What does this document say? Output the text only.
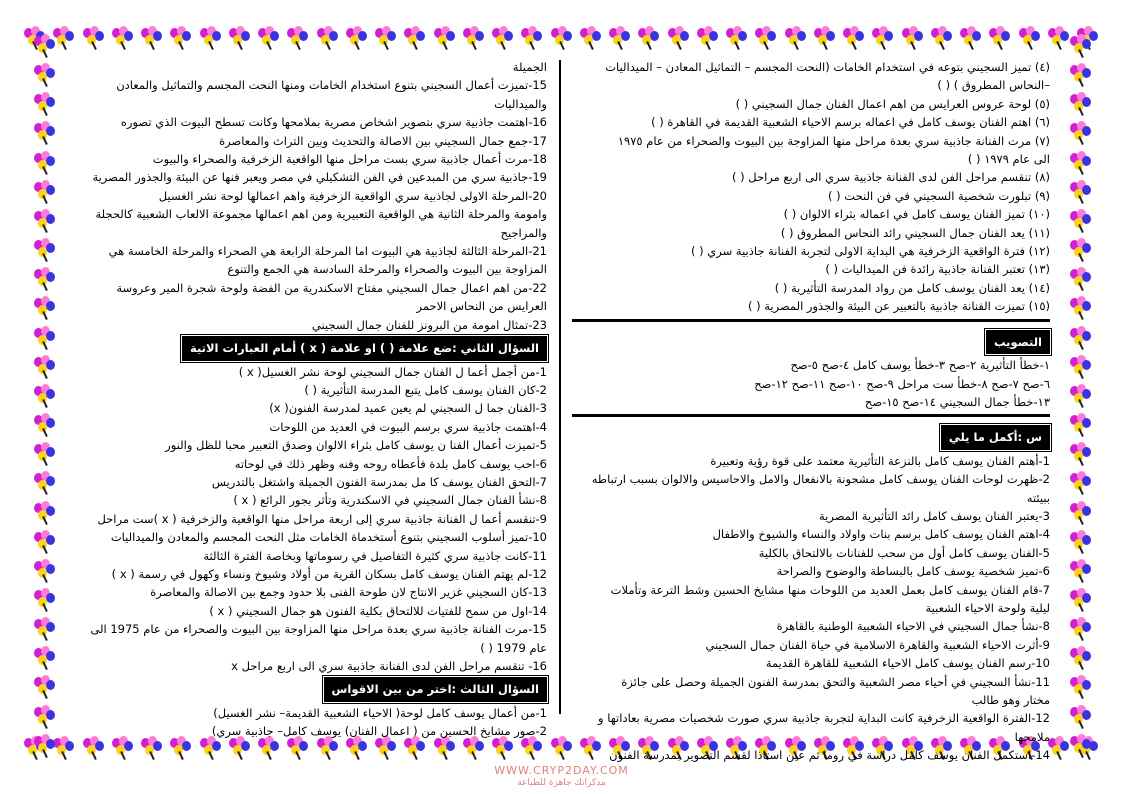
(٤) تميز السجيني بتوعه في استخدام الخامات (النحت المجسم – التماثيل المعادن – الميداليات

–النحاس المطروق ) ( )

(٥) لوحة عروس العرايس من اهم اعمال الفنان جمال السجيني ( )

(٦) اهتم الفنان يوسف كامل في اعماله برسم الاحياء الشعبية القديمة في القاهرة ( )

(٧) مرت الفنانة جاذبية سري بعدة مراحل منها المزاوجة بين البيوت والصحراء من عام ١٩٧٥

الى عام ١٩٧٩ ( )

(٨) تنقسم مراحل الفن لدى الفنانة جاذبية سري الى اربع مراحل ( )

(٩) تبلورت شخصية السجيني في فن النحت ( )

(١٠) تميز الفنان يوسف كامل في اعماله بثراء الالوان ( )

(١١) يعد الفنان جمال السجيني رائد النحاس المطروق ( )

(١٢) فترة الواقعية الزخرفية هي البداية الاولى لتجربة الفنانة جاذبية سري ( )

(١٣) تعتبر الفنانة جاذبية رائدة فن الميداليات ( )

(١٤) يعد الفنان يوسف كامل من رواد المدرسة التأثيرية ( )

(١٥) تميزت الفنانة جاذبية بالتعبير عن البيئة والجذور المصرية ( )

التصويب

١-خطأ التأثيرية ٢-صح ٣-خطأ يوسف كامل ٤-صح ٥-صح

٦-صح ٧-صح ٨-خطأ ست مراحل ٩-صح ١٠-صح ١١-صح ١٢-صح

١٣-خطأ جمال السجيني ١٤-صح ١٥-صح

س :أكمل ما يلي

1-أهتم الفنان يوسف كامل بالنزعة التأثيرية معتمد على قوة رؤية وتعبيرة

2-ظهرت لوحات الفنان يوسف كامل مشحونة بالانفعال والامل والاحاسيس والالوان بسبب ارتباطه

ببيئته

3-يعتبر الفنان يوسف كامل رائد التأثيرية المصرية

4-اهتم الفنان يوسف كامل برسم بنات واولاد والنساء والشيوخ والاطفال

5-الفنان يوسف كامل أول من سحب للفنانات بالالتحاق بالكلية

6-تميز شخصية يوسف كامل بالبساطة والوضوح والصراحة

7-قام الفنان يوسف كامل بعمل العديد من اللوحات منها مشايخ الحسين وشط الترعة وتأملات

ليلية ولوحة الاحياء الشعبية

8-نشأ جمال السجيني في الاحياء الشعبية الوطنية بالقاهرة

9-أثرت الاحياء الشعبية والقاهرة الاسلامية في حياة الفنان جمال السجيني

10-رسم الفنان يوسف كامل الاحياء الشعبية للقاهرة القديمة

11-نشأ السجيني في أحياء مصر الشعبية والتحق بمدرسة الفنون الجميلة وحصل على جائزة

مختار وهو طالب

12-الفترة الواقعية الزخرفية كانت البداية لتجربة جاذبية سري صورت شخصيات مصرية بعاداتها و

ملامحها

14-استكمل الفنان يوسف كامل دراسة في روما ثم عين استاذا لقسم التصوير بمدرسة الفنون

الجميلة

15-تميزت أعمال السجيني بتنوع استخدام الخامات ومنها النحت المجسم والتماثيل والمعادن

والميداليات

16-اهتمت جاذبية سري بتصوير اشخاص مصرية بملامحها وكانت تسطح البيوت الذي تصوره

17-جمع جمال السجيني بين الاصالة والتحديث وبين التراث والمعاصرة

18-مرت أعمال جاذبية سري بست مراحل منها الواقعية الزخرفية والصحراء والبيوت

19-جاذبية سري من المبدعين في الفن التشكيلي في مصر ويعبر فنها عن البيئة والجذور المصرية

20-المرحلة الاولى لجاذبية سري الواقعية الزخرفية واهم اعمالها لوحة نشر الغسيل

وامومة والمرحلة الثانية هي الواقعية التعبيرية ومن اهم اعمالها مجموعة الالعاب الشعبية كالحجلة

والمراجيح

21-المرحلة الثالثة لجاذبية هي البيوت اما المرحلة الرابعة هي الصحراء والمرحلة الخامسة هي

المزاوجة بين البيوت والصحراء والمرحلة السادسة هي الجمع والتنوع

22-من اهم اعمال جمال السجيني مفتاح الاسكندرية من الفضة ولوحة شجرة المير وعروسة

العرايس من النحاس الاحمر

23-تمثال امومة من البرونز للفنان جمال السجيني

السؤال الثاني :ضع علامة ( ) او علامة ( x ) أمام العبارات الاتية

1-من أجمل أعما ل الفنان جمال السجيني لوحة نشر الغسيل( x )

2-كان الفنان يوسف كامل يتبع المدرسة التأثيرية ( )

3-الفنان جما ل السجيني لم يعين عميد لمدرسة الفنون( x)

4-اهتمت جاذبية سري برسم البيوت في العديد من اللوحات

5-تميزت أعمال الفنا ن يوسف كامل بثراء الالوان وصدق التعبير محبا للظل والنور

6-احب يوسف كامل بلدة فأعطاه روحه وفنه وظهر ذلك في لوحاته

7-التحق الفنان يوسف كا مل بمدرسة الفنون الجميلة واشتغل بالتدريس

8-نشأ الفنان جمال السجيني في الاسكندرية وتأثر بجور الرائع ( x )

9-تنقسم أعما ل الفنانة جاذبية سري إلى اربعة مراحل منها الواقعية والزخرفية ( x )ست مراحل

10-تميز أسلوب السجيني بتنوع أستخدماة الخامات مثل النحت المجسم والمعادن والميداليات

11-كانت جاذبية سري كثيرة التفاصيل في رسوماتها وبخاصة الفترة الثالثة

12-لم يهتم الفنان يوسف كامل بسكان القرية من أولاد وشيوخ ونساء وكهول في رسمة ( x )

13-كان السجيني غزير الانتاج لان طوحة الفنى بلا حدود وجمع بين الاصالة والمعاصرة

14-اول من سمح للفتيات للالتحاق بكلية الفنون هو جمال السجيني ( x )

15-مرت الفنانة جاذبية سري بعدة مراحل منها المزاوجة بين البيوت والصحراء من عام 1975 الى

عام 1979 ( )

16- تنقسم مراحل الفن لدى الفنانة جاذبية سري الى اربع مراحل x

السؤال الثالث :اختر من بين الاقواس

1-من أعمال يوسف كامل لوحة( الاحياء الشعبية القديمة– نشر الغسيل)

2-صور مشايخ الحسين من ( اعمال الفنان) يوسف كامل– جاذبية سري)

WWW.CRYP2DAY.COM
مذكراتك جاهزة للطباعة
